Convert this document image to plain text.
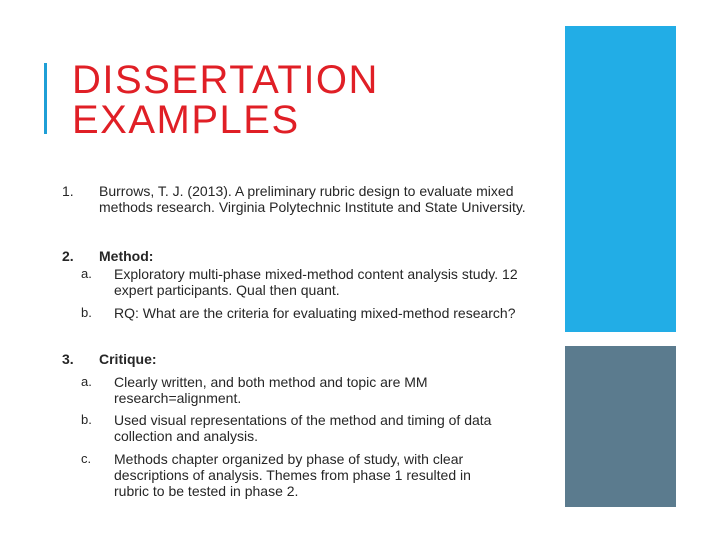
DISSERTATION
EXAMPLES
1.	Burrows, T. J. (2013). A preliminary rubric design to evaluate mixed methods research. Virginia Polytechnic Institute and State University.
2.	Method:
a. Exploratory multi-phase mixed-method content analysis study. 12 expert participants. Qual then quant.
b. RQ: What are the criteria for evaluating mixed-method research?
3.	Critique:
a. Clearly written, and both method and topic are MM research=alignment.
b. Used visual representations of the method and timing of data collection and analysis.
c. Methods chapter organized by phase of study, with clear descriptions of analysis. Themes from phase 1 resulted in rubric to be tested in phase 2.
